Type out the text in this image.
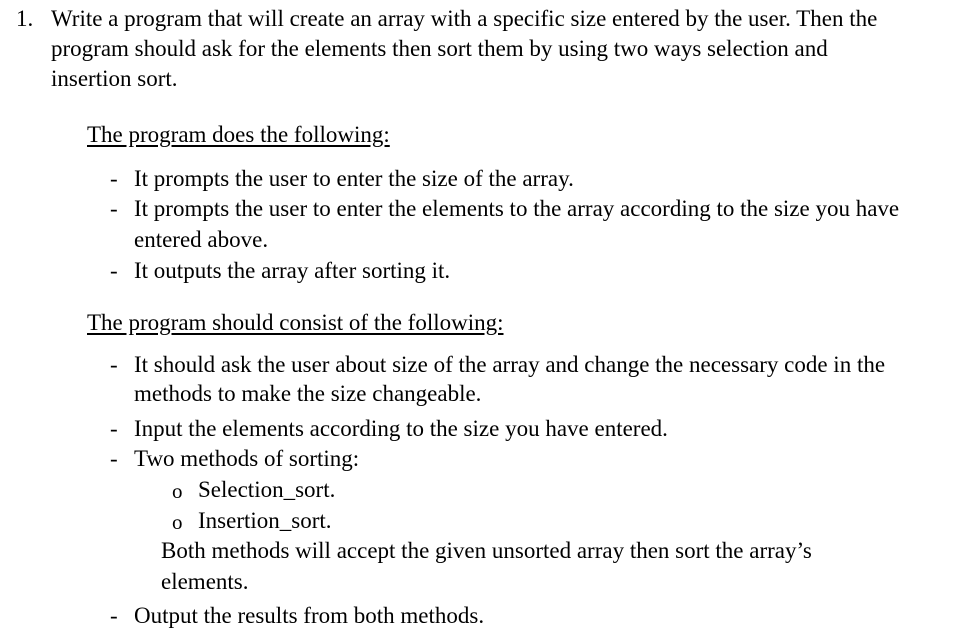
1. Write a program that will create an array with a specific size entered by the user. Then the
program should ask for the elements then sort them by using two ways selection and
insertion sort.
The program does the following:
- It prompts the user to enter the size of the array.
- It prompts the user to enter the elements to the array according to the size you have
entered above.
- It outputs the array after sorting it.
The program should consist of the following:
- It should ask the user about size of the array and change the necessary code in the
methods to make the size changeable.
- Input the elements according to the size you have entered.
- Two methods of sorting:
o Selection_sort.
o Insertion_sort.
Both methods will accept the given unsorted array then sort the array’s
elements.
- Output the results from both methods.
